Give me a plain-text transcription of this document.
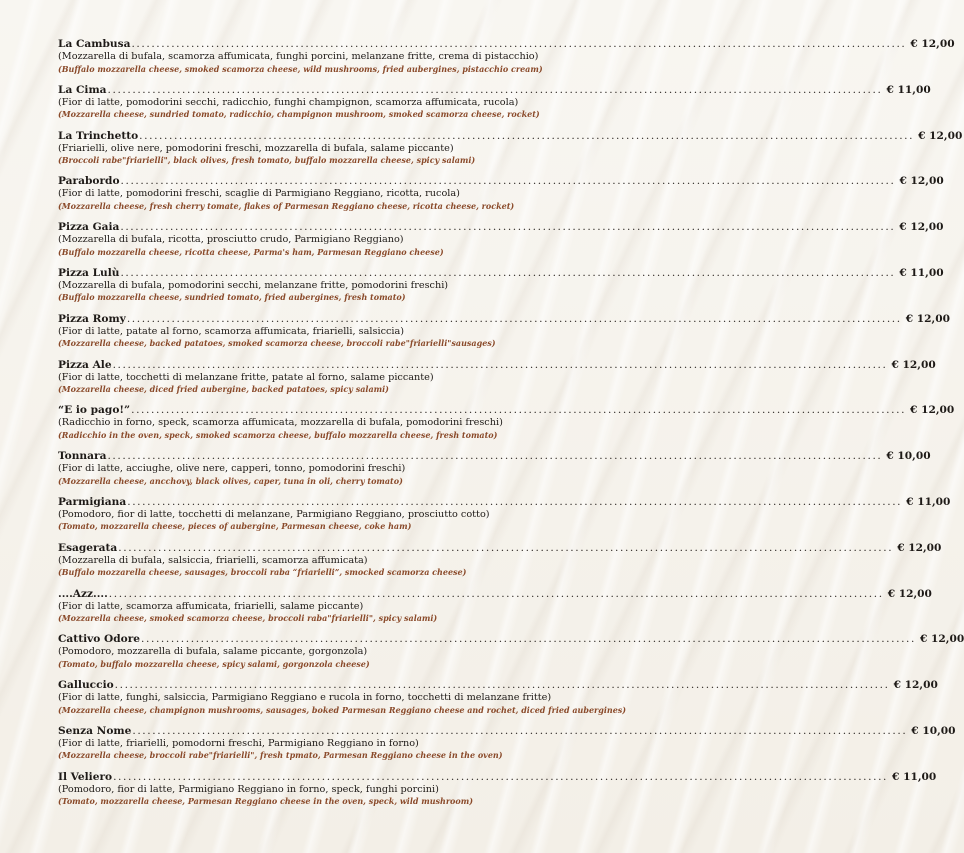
La Cambusa ............................................................................................................................................................ € 12,00
(Mozzarella di bufala, scamorza affumicata, funghi porcini, melanzane fritte, crema di pistacchio)
(Buffalo mozzarella cheese, smoked scamorza cheese, wild mushrooms, fried aubergines, pistacchio cream)
La Cima ............................................................................................................................................................ € 11,00
(Fior di latte, pomodorini secchi, radicchio, funghi champignon, scamorza affumicata, rucola)
(Mozzarella cheese, sundried tomato, radicchio, champignon mushroom, smoked scamorza cheese, rocket)
La Trinchetto ............................................................................................................................................................ € 12,00
(Friarielli, olive nere, pomodorini freschi, mozzarella di bufala, salame piccante)
(Broccoli rabe"friarielli", black olives, fresh tomato, buffalo mozzarella cheese, spicy salami)
Parabordo ............................................................................................................................................................ € 12,00
(Fior di latte, pomodorini freschi, scaglie di Parmigiano Reggiano, ricotta, rucola)
(Mozzarella cheese, fresh cherry tomate, flakes of Parmesan Reggiano cheese, ricotta cheese, rocket)
Pizza Gaia ............................................................................................................................................................ € 12,00
(Mozzarella di bufala, ricotta, prosciutto crudo, Parmigiano Reggiano)
(Buffalo mozzarella cheese, ricotta cheese, Parma's ham, Parmesan Reggiano cheese)
Pizza Lulù ............................................................................................................................................................ € 11,00
(Mozzarella di bufala, pomodorini secchi, melanzane fritte, pomodorini freschi)
(Buffalo mozzarella cheese, sundried tomato, fried aubergines, fresh tomato)
Pizza Romy ............................................................................................................................................................ € 12,00
(Fior di latte, patate al forno, scamorza affumicata, friarielli, salsiccia)
(Mozzarella cheese, backed patatoes, smoked scamorza cheese, broccoli rabe"friarielli"sausages)
Pizza Ale ............................................................................................................................................................ € 12,00
(Fior di latte, tocchetti di melanzane fritte, patate al forno, salame piccante)
(Mozzarella cheese, diced fried aubergine, backed patatoes, spicy salami)
“E io pago!” ............................................................................................................................................................ € 12,00
(Radicchio in forno, speck, scamorza affumicata, mozzarella di bufala, pomodorini freschi)
(Radicchio in the oven, speck, smoked scamorza cheese, buffalo mozzarella cheese, fresh tomato)
Tonnara ............................................................................................................................................................ € 10,00
(Fior di latte, acciughe, olive nere, capperi, tonno, pomodorini freschi)
(Mozzarella cheese, ancchovy, black olives, caper, tuna in oli, cherry tomato)
Parmigiana ............................................................................................................................................................ € 11,00
(Pomodoro, fior di latte, tocchetti di melanzane, Parmigiano Reggiano, prosciutto cotto)
(Tomato, mozzarella cheese, pieces of aubergine, Parmesan cheese, coke ham)
Esagerata ............................................................................................................................................................ € 12,00
(Mozzarella di bufala, salsiccia, friarielli, scamorza affumicata)
(Buffalo mozzarella cheese, sausages, broccoli raba “friarielli”, smocked scamorza cheese)
....Azz.... ............................................................................................................................................................ € 12,00
(Fior di latte, scamorza affumicata, friarielli, salame piccante)
(Mozzarella cheese, smoked scamorza cheese, broccoli raba"friarielli", spicy salami)
Cattivo Odore ............................................................................................................................................................ € 12,00
(Pomodoro, mozzarella di bufala, salame piccante, gorgonzola)
(Tomato, buffalo mozzarella cheese, spicy salami, gorgonzola cheese)
Galluccio ............................................................................................................................................................ € 12,00
(Fior di latte, funghi, salsiccia, Parmigiano Reggiano e rucola in forno, tocchetti di melanzane fritte)
(Mozzarella cheese, champignon mushrooms, sausages, boked Parmesan Reggiano cheese and rochet, diced fried aubergines)
Senza Nome ............................................................................................................................................................ € 10,00
(Fior di latte, friarielli, pomodorni freschi, Parmigiano Reggiano in forno)
(Mozzarella cheese, broccoli rabe"friarielli", fresh tpmato, Parmesan Reggiano cheese in the oven)
Il Veliero ............................................................................................................................................................ € 11,00
(Pomodoro, fior di latte, Parmigiano Reggiano in forno, speck, funghi porcini)
(Tomato, mozzarella cheese, Parmesan Reggiano cheese in the oven, speck, wild mushroom)
